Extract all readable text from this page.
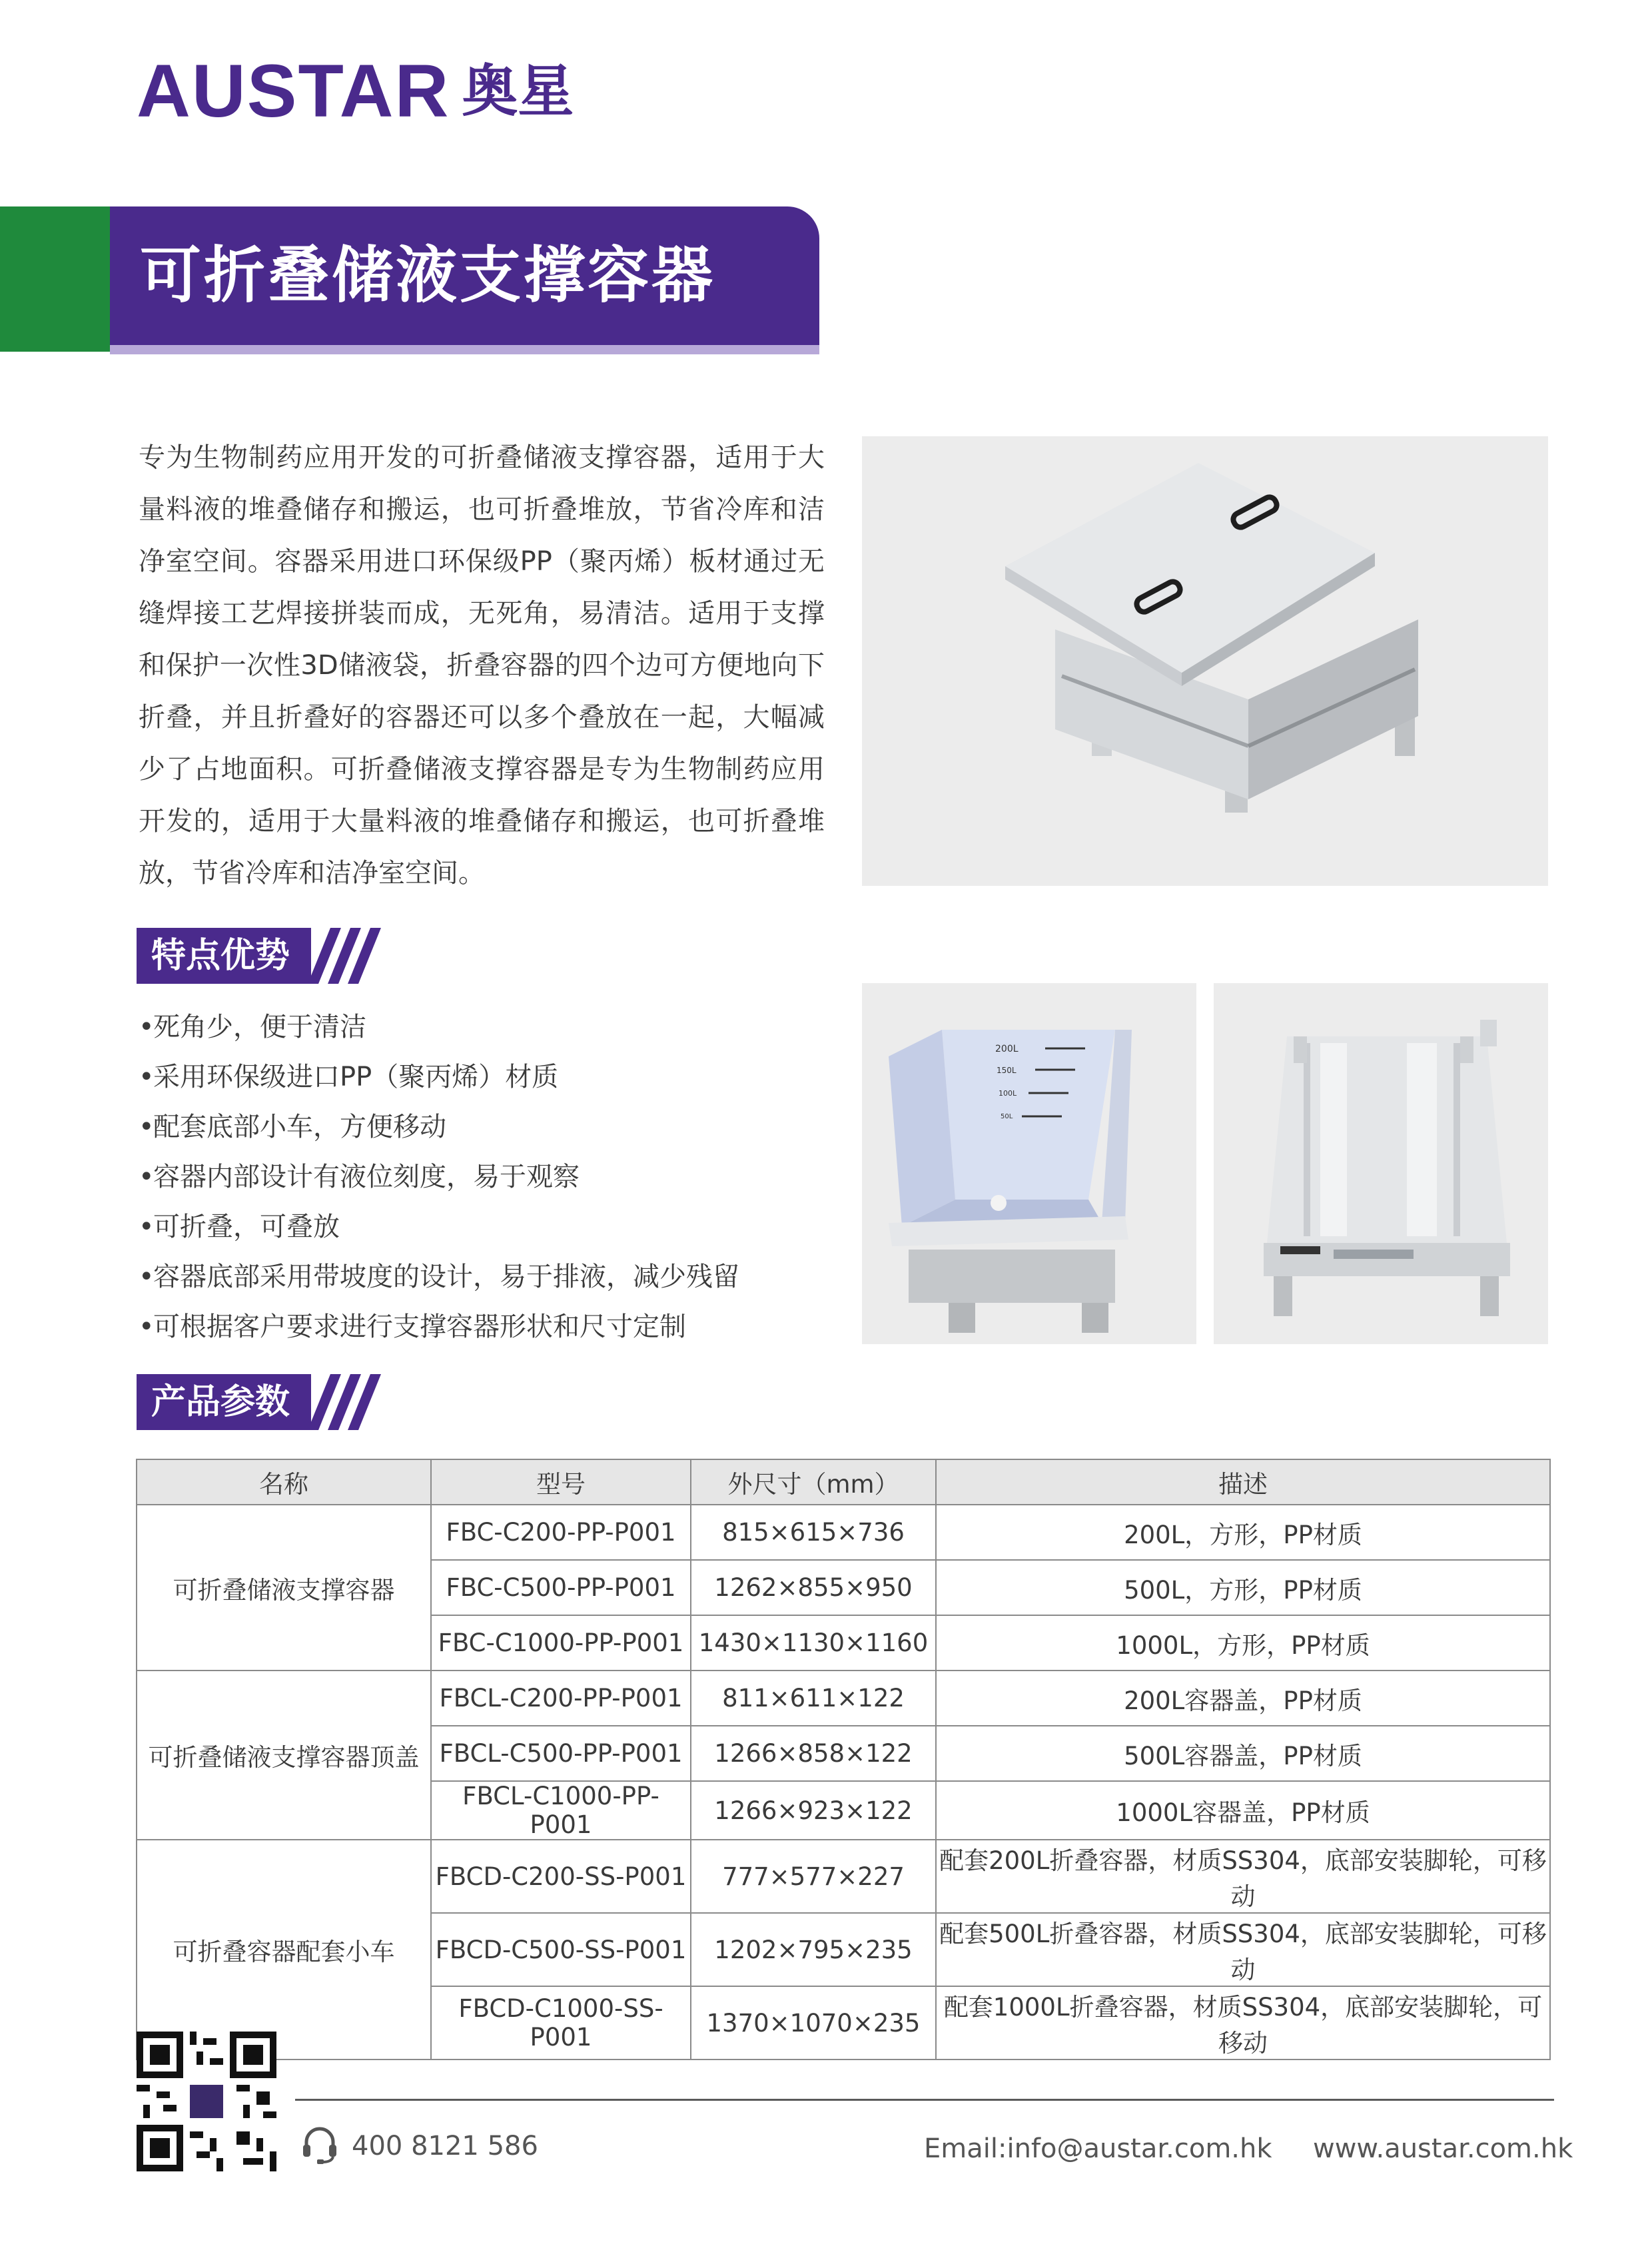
AUSTAR 奥星
可折叠储液支撑容器

专为生物制药应用开发的可折叠储液支撑容器，适用于大量料液的堆叠储存和搬运，也可折叠堆放，节省冷库和洁净室空间。容器采用进口环保级PP（聚丙烯）板材通过无缝焊接工艺焊接拼装而成，无死角，易清洁。适用于支撑和保护一次性3D储液袋，折叠容器的四个边可方便地向下折叠，并且折叠好的容器还可以多个叠放在一起，大幅减少了占地面积。可折叠储液支撑容器是专为生物制药应用开发的，适用于大量料液的堆叠储存和搬运，也可折叠堆放，节省冷库和洁净室空间。

200L
150L
100L
50L
特点优势
•死角少，便于清洁
•采用环保级进口PP（聚丙烯）材质
•配套底部小车，方便移动
•容器内部设计有液位刻度，易于观察
•可折叠，可叠放
•容器底部采用带坡度的设计，易于排液，减少残留
•可根据客户要求进行支撑容器形状和尺寸定制
产品参数
名称	型号	外尺寸（mm）	描述
可折叠储液支撑容器	FBC-C200-PP-P001	815×615×736	200L，方形，PP材质
	FBC-C500-PP-P001	1262×855×950	500L，方形，PP材质
	FBC-C1000-PP-P001	1430×1130×1160	1000L，方形，PP材质
可折叠储液支撑容器顶盖	FBCL-C200-PP-P001	811×611×122	200L容器盖，PP材质
	FBCL-C500-PP-P001	1266×858×122	500L容器盖，PP材质
	FBCL-C1000-PP-P001	1266×923×122	1000L容器盖，PP材质
可折叠容器配套小车	FBCD-C200-SS-P001	777×577×227	配套200L折叠容器，材质SS304，底部安装脚轮，可移动
	FBCD-C500-SS-P001	1202×795×235	配套500L折叠容器，材质SS304，底部安装脚轮，可移动
	FBCD-C1000-SS-P001	1370×1070×235	配套1000L折叠容器，材质SS304，底部安装脚轮，可移动
400 8121 586	Email:info@austar.com.hk www.austar.com.hk
